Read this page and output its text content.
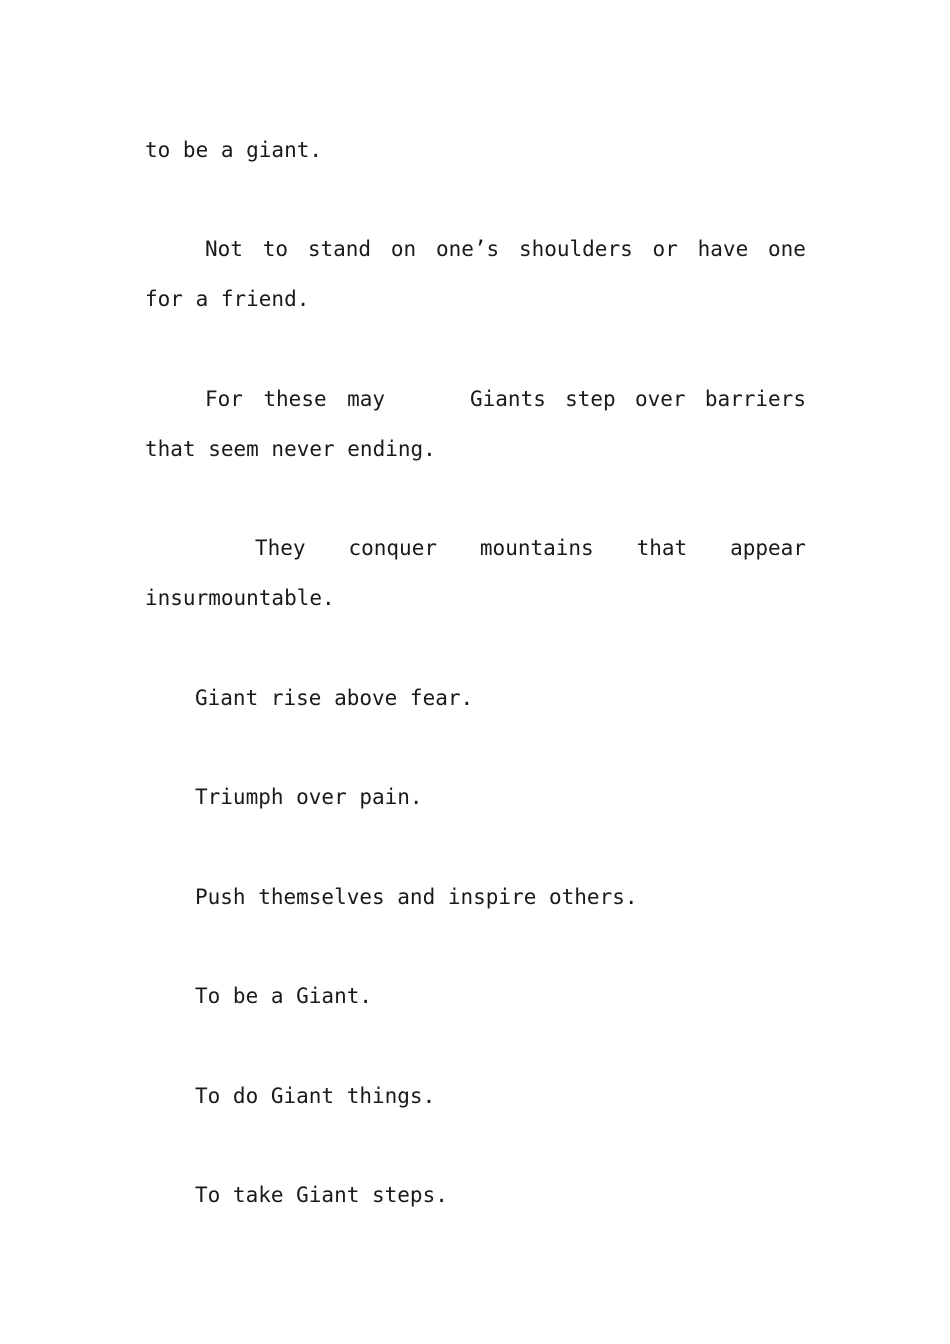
to be a giant.
Not to stand on one’s shoulders or have one
for a friend.

For these may

	Giants step over barriers

that seem never ending.
They conquer mountains that appear
insurmountable.
Giant rise above fear.
Triumph over pain.
Push themselves and inspire others.
To be a Giant.
To do Giant things.
To take Giant steps.
